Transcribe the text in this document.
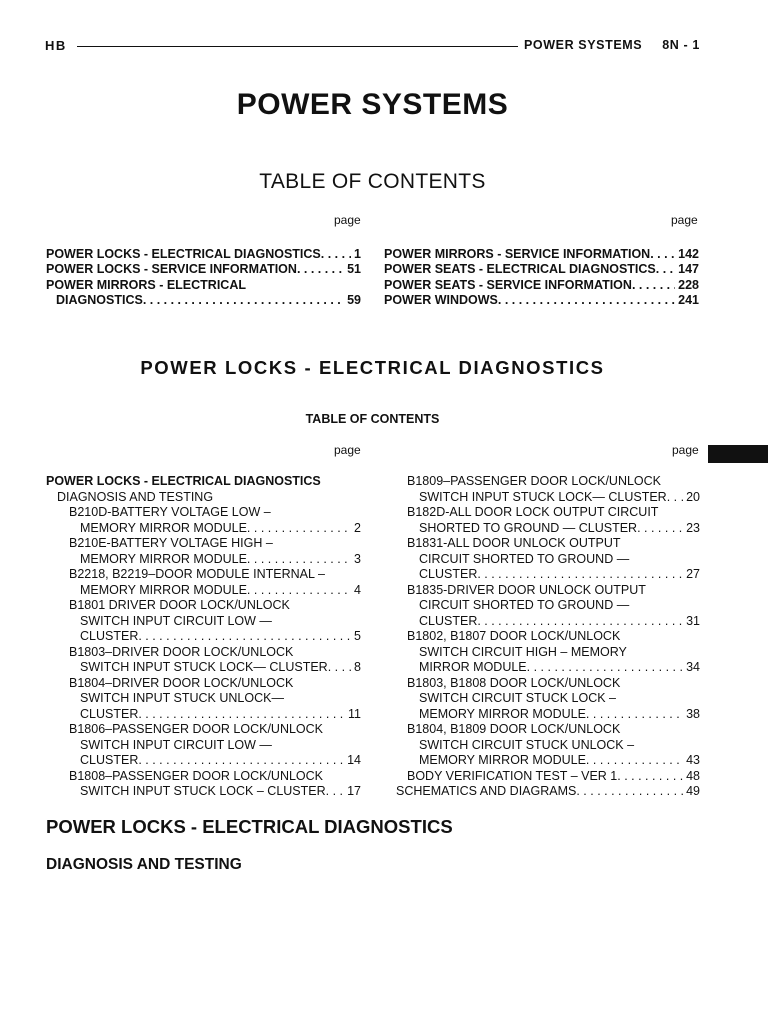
HB	POWER SYSTEMS 8N - 1
POWER SYSTEMS
TABLE OF CONTENTS
page	page
POWER LOCKS - ELECTRICAL DIAGNOSTICS . . .	1
POWER LOCKS - SERVICE INFORMATION . . .	51
POWER MIRRORS - ELECTRICAL
DIAGNOSTICS . . .	59
POWER MIRRORS - SERVICE INFORMATION . . . 142
POWER SEATS - ELECTRICAL DIAGNOSTICS . . . 147
POWER SEATS - SERVICE INFORMATION . . .	228
POWER WINDOWS . . .	241
POWER LOCKS - ELECTRICAL DIAGNOSTICS
TABLE OF CONTENTS
page	page
POWER LOCKS - ELECTRICAL DIAGNOSTICS
DIAGNOSIS AND TESTING
B210D-BATTERY VOLTAGE LOW –
MEMORY MIRROR MODULE . . .	2
B210E-BATTERY VOLTAGE HIGH –
MEMORY MIRROR MODULE . . .	3
B2218, B2219–DOOR MODULE INTERNAL –
MEMORY MIRROR MODULE . . .	4
B1801 DRIVER DOOR LOCK/UNLOCK
SWITCH INPUT CIRCUIT LOW —
CLUSTER . . .	5
B1803–DRIVER DOOR LOCK/UNLOCK
SWITCH INPUT STUCK LOCK— CLUSTER . . . 8
B1804–DRIVER DOOR LOCK/UNLOCK
SWITCH INPUT STUCK UNLOCK—
CLUSTER . . .	11
B1806–PASSENGER DOOR LOCK/UNLOCK
SWITCH INPUT CIRCUIT LOW —
CLUSTER . . .	14
B1808–PASSENGER DOOR LOCK/UNLOCK
SWITCH INPUT STUCK LOCK – CLUSTER . . . 17
B1809–PASSENGER DOOR LOCK/UNLOCK
SWITCH INPUT STUCK LOCK— CLUSTER . . . 20
B182D-ALL DOOR LOCK OUTPUT CIRCUIT
SHORTED TO GROUND — CLUSTER . . .	23
B1831-ALL DOOR UNLOCK OUTPUT
CIRCUIT SHORTED TO GROUND —
CLUSTER . . .	27
B1835-DRIVER DOOR UNLOCK OUTPUT
CIRCUIT SHORTED TO GROUND —
CLUSTER . . .	31
B1802, B1807 DOOR LOCK/UNLOCK
SWITCH CIRCUIT HIGH – MEMORY
MIRROR MODULE . . .	34
B1803, B1808 DOOR LOCK/UNLOCK
SWITCH CIRCUIT STUCK LOCK –
MEMORY MIRROR MODULE . . .	38
B1804, B1809 DOOR LOCK/UNLOCK
SWITCH CIRCUIT STUCK UNLOCK –
MEMORY MIRROR MODULE . . .	43
BODY VERIFICATION TEST – VER 1 . . .	48
SCHEMATICS AND DIAGRAMS . . .	49
POWER LOCKS - ELECTRICAL DIAGNOSTICS
DIAGNOSIS AND TESTING
